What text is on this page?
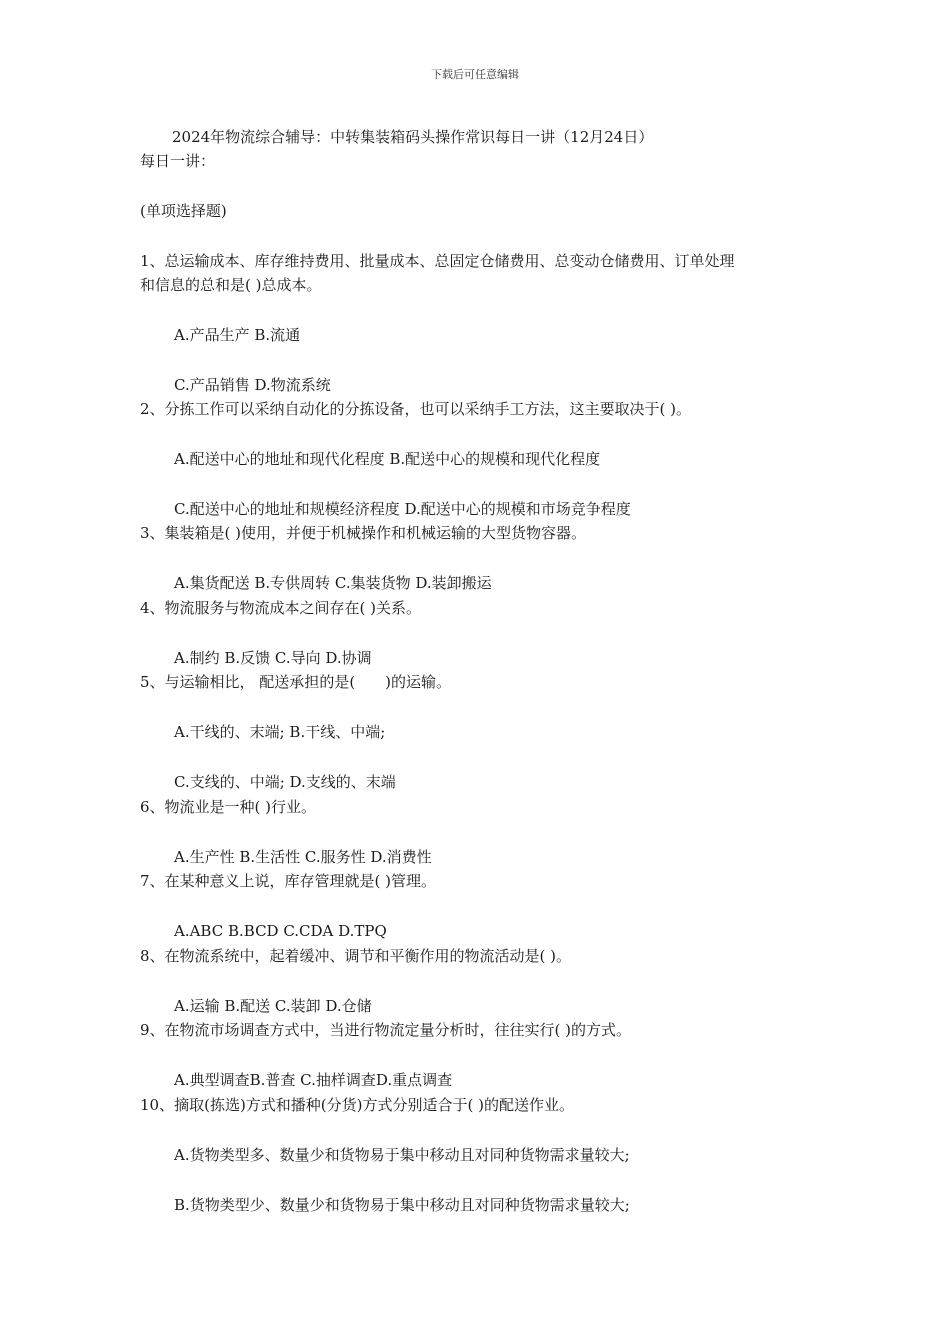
下载后可任意编辑
2024年物流综合辅导：中转集装箱码头操作常识每日一讲（12月24日）
每日一讲：
(单项选择题)
1、总运输成本、库存维持费用、批量成本、总固定仓储费用、总变动仓储费用、订单处理
和信息的总和是( )总成本。
A.产品生产 B.流通
C.产品销售 D.物流系统
2、分拣工作可以采纳自动化的分拣设备，也可以采纳手工方法，这主要取决于( )。
A.配送中心的地址和现代化程度 B.配送中心的规模和现代化程度
C.配送中心的地址和规模经济程度 D.配送中心的规模和市场竞争程度
3、集装箱是( )使用，并便于机械操作和机械运输的大型货物容器。
A.集货配送 B.专供周转 C.集装货物 D.装卸搬运
4、物流服务与物流成本之间存在( )关系。
A.制约 B.反馈 C.导向 D.协调
5、与运输相比， 配送承担的是(　　)的运输。
A.干线的、末端; B.干线、中端;
C.支线的、中端; D.支线的、末端
6、物流业是一种( )行业。
A.生产性 B.生活性 C.服务性 D.消费性
7、在某种意义上说，库存管理就是( )管理。
A.ABC B.BCD C.CDA D.TPQ
8、在物流系统中，起着缓冲、调节和平衡作用的物流活动是( )。
A.运输 B.配送 C.装卸 D.仓储
9、在物流市场调查方式中，当进行物流定量分析时，往往实行( )的方式。
A.典型调查B.普查 C.抽样调查D.重点调查
10、摘取(拣选)方式和播种(分货)方式分别适合于( )的配送作业。
A.货物类型多、数量少和货物易于集中移动且对同种货物需求量较大;
B.货物类型少、数量少和货物易于集中移动且对同种货物需求量较大;
